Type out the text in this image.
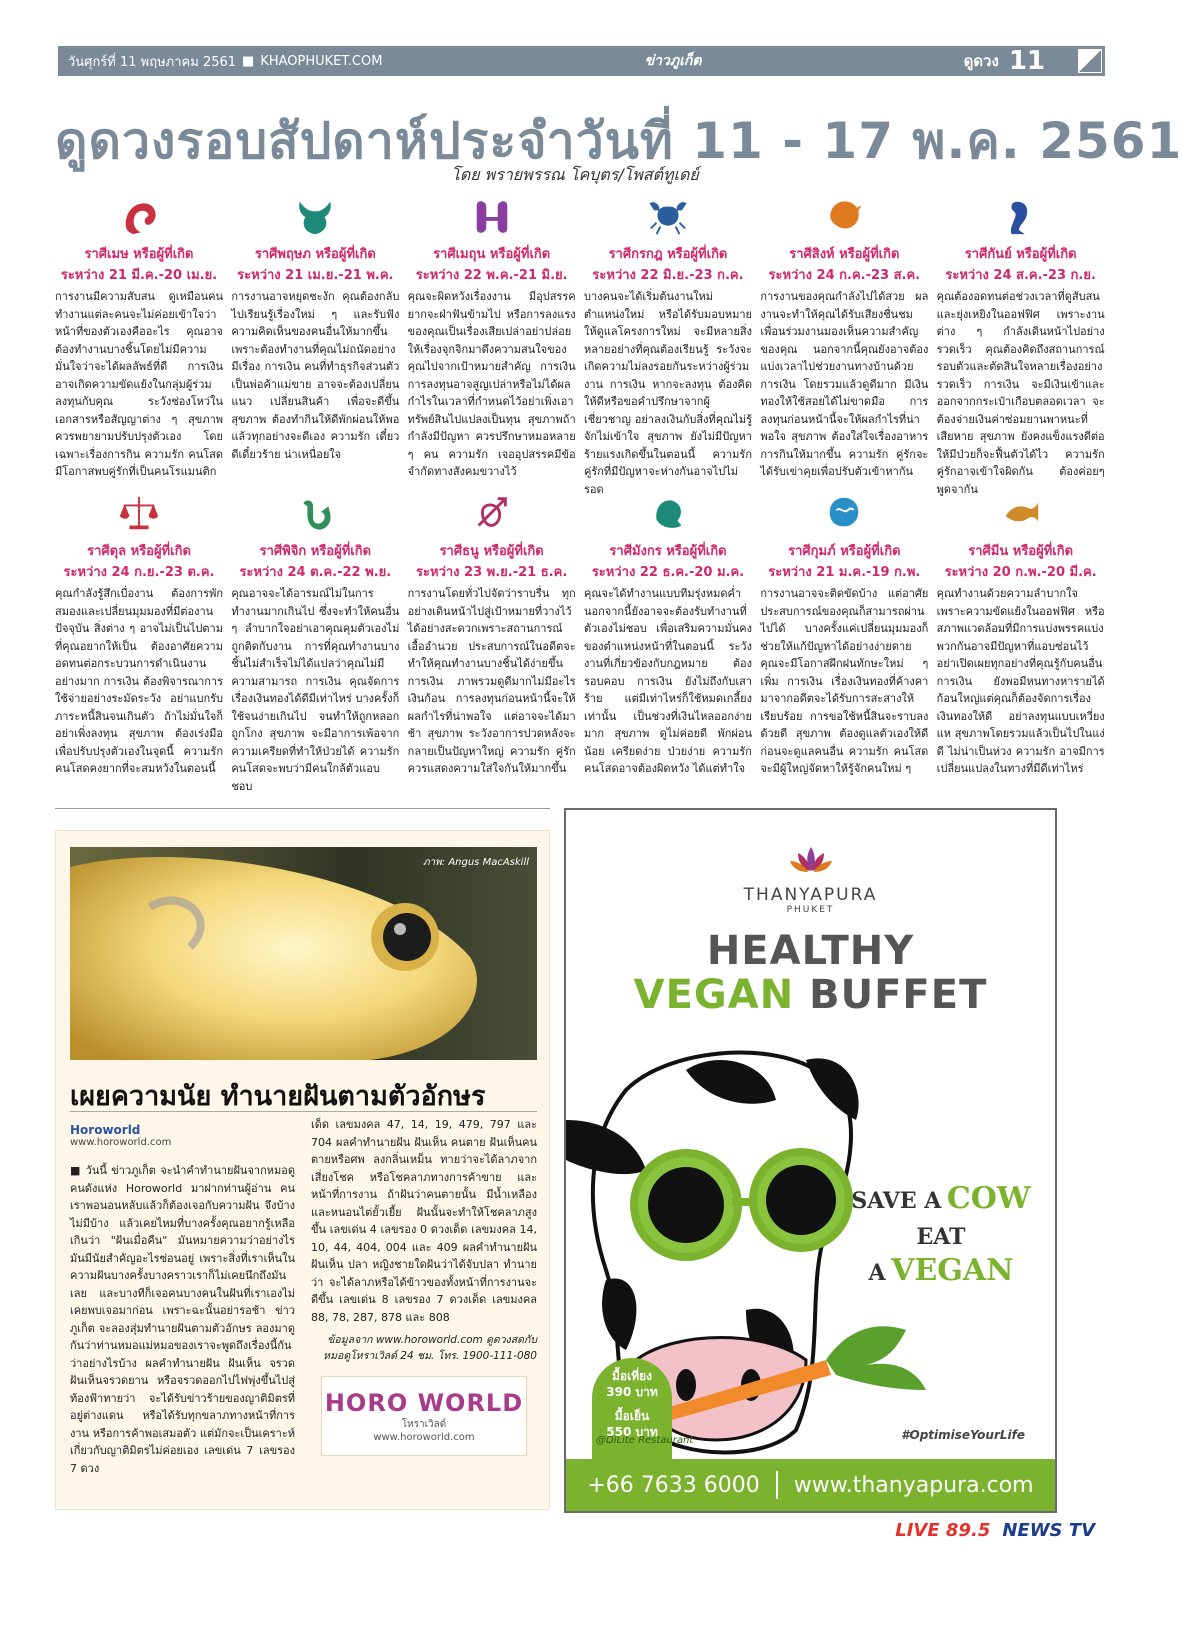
วันศุกร์ที่ 11 พฤษภาคม 2561 ■ KHAOPHUKET.COM	ข่าวภูเก็ต	ดูดวง 11
ดูดวงรอบสัปดาห์ประจำวันที่ 11 - 17 พ.ค. 2561
โดย พรายพรรณ โคบุตร/โพสต์ทูเดย์
ราศีเมษ หรือผู้ที่เกิด
ระหว่าง 21 มี.ค.-20 เม.ย.
การงานมีความสับสน ดูเหมือนคนทำงานแต่ละคนจะไม่ค่อยเข้าใจว่าหน้าที่ของตัวเองคืออะไร คุณอาจต้องทำงานบางชิ้นโดยไม่มีความมั่นใจว่าจะได้ผลลัพธ์ที่ดี การเงินอาจเกิดความขัดแย้งในกลุ่มผู้ร่วมลงทุนกับคุณ ระวังช่องโหว่ในเอกสารหรือสัญญาต่าง ๆ สุขภาพควรพยายามปรับปรุงตัวเอง โดยเฉพาะเรื่องการกิน ความรัก คนโสดมีโอกาสพบคู่รักที่เป็นคนโรแมนติก
ราศีพฤษภ หรือผู้ที่เกิด
ระหว่าง 21 เม.ย.-21 พ.ค.
การงานอาจหยุดชะงัก คุณต้องกลับไปเรียนรู้เรื่องใหม่ ๆ และรับฟังความคิดเห็นของคนอื่นให้มากขึ้น เพราะต้องทำงานที่คุณไม่ถนัดอย่างมีเรื่อง การเงิน คนที่ทำธุรกิจส่วนตัว เป็นพ่อค้าแม่ขาย อาจจะต้องเปลี่ยนแนว เปลี่ยนสินค้า เพื่อจะดีขึ้น สุขภาพ ต้องทำกินให้ดีพักผ่อนให้พอ แล้วทุกอย่างจะดีเอง ความรัก เดี๋ยวดีเดี๋ยวร้าย น่าเหนื่อยใจ
ราศีเมถุน หรือผู้ที่เกิด
ระหว่าง 22 พ.ค.-21 มิ.ย.
คุณจะผิดหวังเรื่องงาน มีอุปสรรคยากจะฝ่าฟันข้ามไป หรือการลงแรงของคุณเป็นเรื่องเสียเปล่าอย่าปล่อยให้เรื่องจุกจิกมาดึงความสนใจของคุณไปจากเป้าหมายสำคัญ การเงิน การลงทุนอาจสูญเปล่าหรือไม่ได้ผลกำไรในเวลาที่กำหนดไว้อย่าเพิ่งเอาทรัพย์สินไปแปลงเป็นทุน สุขภาพถ้ากำลังมีปัญหา ควรปรึกษาหมอหลาย ๆ คน ความรัก เจออุปสรรคมีข้อจำกัดทางสังคมขวางไว้
ราศีกรกฎ หรือผู้ที่เกิด
ระหว่าง 22 มิ.ย.-23 ก.ค.
บางคนจะได้เริ่มต้นงานใหม่ ตำแหน่งใหม่ หรือได้รับมอบหมายให้ดูแลโครงการใหม่ จะมีหลายสิ่งหลายอย่างที่คุณต้องเรียนรู้ ระวังจะเกิดความไม่ลงรอยกันระหว่างผู้ร่วมงาน การเงิน หากจะลงทุน ต้องคิดให้ดีหรือขอคำปรึกษาจากผู้เชี่ยวชาญ อย่าลงเงินกับสิ่งที่คุณไม่รู้จักไม่เข้าใจ สุขภาพ ยังไม่มีปัญหาร้ายแรงเกิดขึ้นในตอนนี้ ความรัก คู่รักที่มีปัญหาจะห่างกันอาจไปไม่รอด
ราศีสิงห์ หรือผู้ที่เกิด
ระหว่าง 24 ก.ค.-23 ส.ค.
การงานของคุณกำลังไปได้สวย ผลงานจะทำให้คุณได้รับเสียงชื่นชมเพื่อนร่วมงานมองเห็นความสำคัญของคุณ นอกจากนี้คุณยังอาจต้องแบ่งเวลาไปช่วยงานทางบ้านด้วย การเงิน โดยรวมแล้วดูดีมาก มีเงินทองให้ใช้สอยได้ไม่ขาดมือ การลงทุนก่อนหน้านี้จะให้ผลกำไรที่น่าพอใจ สุขภาพ ต้องใส่ใจเรื่องอาหารการกินให้มากขึ้น ความรัก คู่รักจะได้รับเข่าคุยเพื่อปรับตัวเข้าหากัน
ราศีกันย์ หรือผู้ที่เกิด
ระหว่าง 24 ส.ค.-23 ก.ย.
คุณต้องอดทนต่อช่วงเวลาที่ดูสับสนและยุ่งเหยิงในออฟฟิศ เพราะงานต่าง ๆ กำลังเดินหน้าไปอย่างรวดเร็ว คุณต้องคิดถึงสถานการณ์รอบตัวและตัดสินใจหลายเรื่องอย่างรวดเร็ว การเงิน จะมีเงินเข้าและออกจากกระเป๋าเกือบตลอดเวลา จะต้องจ่ายเงินค่าซ่อมยานพาหนะที่เสียหาย สุขภาพ ยังคงแข็งแรงดีต่อให้มีป่วยก็จะฟื้นตัวได้ไว ความรัก คู่รักอาจเข้าใจผิดกัน ต้องค่อยๆ พูดจากัน
ราศีตุล หรือผู้ที่เกิด
ระหว่าง 24 ก.ย.-23 ต.ค.
คุณกำลังรู้สึกเบื่องาน ต้องการพักสมองและเปลี่ยนมุมมองที่มีต่องานปัจจุบัน สิ่งต่าง ๆ อาจไม่เป็นไปตามที่คุณอยากให้เป็น ต้องอาศัยความอดทนต่อกระบวนการดำเนินงานอย่างมาก การเงิน ต้องพิจารณาการใช้จ่ายอย่างระมัดระวัง อย่าแบกรับภาระหนี้สินจนเกินตัว ถ้าไม่มั่นใจก็อย่าเพิ่งลงทุน สุขภาพ ต้องเร่งมือเพื่อปรับปรุงตัวเองในจุดนี้ ความรัก คนโสดคงยากที่จะสมหวังในตอนนี้
ราศีพิจิก หรือผู้ที่เกิด
ระหว่าง 24 ต.ค.-22 พ.ย.
คุณอาจจะได้อารมณ์ไม่ในการทำงานมากเกินไป ซึ่งจะทำให้คนอื่น ๆ ลำบากใจอย่าเอาคุณคุมตัวเองไม่ถูกติดกับงาน การที่คุณทำงานบางชิ้นไม่สำเร็จไม่ได้แปลว่าคุณไม่มีความสามารถ การเงิน คุณจัดการเรื่องเงินทองได้ดีมีเท่าไหร่ บางครั้งก็ใช้จนง่ายเกินไป จนทำให้ถูกหลอก ถูกโกง สุขภาพ จะมีอาการเพ้อจากความเครียดที่ทำให้ป่วยได้ ความรัก คนโสดจะพบว่ามีคนใกล้ตัวแอบชอบ
ราศีธนู หรือผู้ที่เกิด
ระหว่าง 23 พ.ย.-21 ธ.ค.
การงานโดยทั่วไปจัดว่าราบรื่น ทุกอย่างเดินหน้าไปสู่เป้าหมายที่วางไว้ได้อย่างสะดวกเพราะสถานการณ์เอื้ออำนวย ประสบการณ์ในอดีตจะทำให้คุณทำงานบางชิ้นได้ง่ายขึ้น การเงิน ภาพรวมดูดีมากไม่มีอะไรเงินก้อน การลงทุนก่อนหน้านี้จะให้ผลกำไรที่น่าพอใจ แต่อาจจะได้มาช้า สุขภาพ ระวังอาการปวดหลังจะกลายเป็นปัญหาใหญ่ ความรัก คู่รักควรแสดงความใส่ใจกันให้มากขึ้น
ราศีมังกร หรือผู้ที่เกิด
ระหว่าง 22 ธ.ค.-20 ม.ค.
คุณจะได้ทำงานแบบทีมรุ่งหมดค่ำนอกจากนี้ยังอาจจะต้องรับทำงานที่ตัวเองไม่ชอบ เพื่อเสริมความมั่นคงของตำแหน่งหน้าที่ในตอนนี้ ระวังงานที่เกี่ยวข้องกับกฎหมาย ต้องรอบคอบ การเงิน ยังไม่ถึงกับเสาร้าย แต่มีเท่าไหร่ก็ใช้หมดเกลี้ยงเท่านั้น เป็นช่วงที่เงินไหลออกง่ายมาก สุขภาพ ดูไม่ค่อยดี พักผ่อนน้อย เครียดง่าย ป่วยง่าย ความรัก คนโสดอาจต้องผิดหวัง ได้แต่ทำใจ
ราศีกุมภ์ หรือผู้ที่เกิด
ระหว่าง 21 ม.ค.-19 ก.พ.
การงานอาจจะติดขัดบ้าง แต่อาศัยประสบการณ์ของคุณก็สามารถผ่านไปได้ บางครั้งแค่เปลี่ยนมุมมองก็ช่วยให้แก้ปัญหาได้อย่างง่ายดาย คุณจะมีโอกาสฝึกฝนทักษะใหม่ ๆ เพิ่ม การเงิน เรื่องเงินทองที่ค้างคามาจากอดีตจะได้รับการสะสางให้เรียบร้อย การขอใช้หนี้สินจะราบลงด้วยดี สุขภาพ ต้องดูแลตัวเองให้ดีก่อนจะดูแลคนอื่น ความรัก คนโสดจะมีผู้ใหญ่จัดหาให้รู้จักคนใหม่ ๆ
ราศีมีน หรือผู้ที่เกิด
ระหว่าง 20 ก.พ.-20 มี.ค.
คุณทำงานด้วยความลำบากใจเพราะความขัดแย้งในออฟฟิศ หรือสภาพแวดล้อมที่มีการแบ่งพรรคแบ่งพวกกันอาจมีปัญหาที่แอบซ่อนไว้อย่าเปิดเผยทุกอย่างที่คุณรู้กับคนอื่น การเงิน ยังพอมีหนทางหารายได้ก้อนใหญ่แต่คุณก็ต้องจัดการเรื่องเงินทองให้ดี อย่าลงทุนแบบเหวี่ยงแห สุขภาพโดยรวมแล้วเป็นไปในแง่ดี ไม่น่าเป็นห่วง ความรัก อาจมีการเปลี่ยนแปลงในทางที่มีดีเท่าไหร่
ภาพ: Angus MacAskill
เผยความนัย ทำนายฝันตามตัวอักษร
Horoworld
www.horoworld.com
■ วันนี้ ข่าวภูเก็ต จะนำคำทำนายฝันจากหมอดูคนดังแห่ง Horoworld มาฝากท่านผู้อ่าน คนเราพอนอนหลับแล้วก็ต้องเจอกับความฝัน จึงบ้างไม่มีบ้าง แล้วเคยไหมที่บางครั้งคุณอยากรู้เหลือเกินว่า "ฝันเมื่อคืน" มันหมายความว่าอย่างไร มันมีนัยสำคัญอะไรซ่อนอยู่ เพราะสิ่งที่เราเห็นในความฝันบางครั้งบางคราวเราก็ไม่เคยนึกถึงมันเลย และบางทีก็เจอคนบางคนในฝันที่เราเองไม่เคยพบเจอมาก่อน เพราะฉะนั้นอย่ารอช้า ข่าวภูเก็ต จะลองสุ่มทำนายฝันตามตัวอักษร ลองมาดูกันว่าท่านหมอแม่หมอของเราจะพูดถึงเรื่องนี้กันว่าอย่างไรบ้าง ผลคำทำนายฝัน ฝันเห็น จรวด ฝันเห็นจรวดยาน หรือจรวดออกไปไฟพุ่งขึ้นไปสู่ท้องฟ้าทายว่า จะได้รับข่าวร้ายของญาติมิตรที่อยู่ต่างแดน หรือได้รับทุกขลาภทางหน้าที่การงาน หรือการค้าพอเสมอตัว แต่มักจะเป็นเคราะห์ เกี่ยวกับญาติมิตรไม่ค่อยเอง เลขเด่น 7 เลขรอง 7 ดวง
เด็ด เลขมงคล 47, 14, 19, 479, 797 และ 704 ผลคำทำนายฝัน ฝันเห็น คนตาย ฝันเห็นคนตายหรือศพ ลงกลิ่นเหม็น ทายว่าจะได้ลาภจากเสี่ยงโชค หรือโชคลาภทางการค้าขาย และหน้าที่การงาน ถ้าฝันว่าคนตายนั้น มีน้ำเหลืองและหนอนไต่ยั้วเยี้ย ฝันนั้นจะทำให้โชคลาภสูงขึ้น เลขเด่น 4 เลขรอง 0 ดวงเด็ด เลขมงคล 14, 10, 44, 404, 004 และ 409 ผลคำทำนายฝัน ฝันเห็น ปลา หญิงชายใดฝันว่าได้จับปลา ทำนายว่า จะได้ลาภหรือได้ข้าวของทั้งหน้าที่การงานจะดีขึ้น เลขเด่น 8 เลขรอง 7 ดวงเด็ด เลขมงคล 88, 78, 287, 878 และ 808
ข้อมูลจาก www.horoworld.com ดูดวงสดกับหมอดูโหราเวิลด์ 24 ชม. โทร. 1900-111-080
HORO WORLD
โหราเวิลด์
www.horoworld.com
THANYAPURA
PHUKET
HEALTHY
VEGAN BUFFET
SAVE A COW
EAT
A VEGAN
มื้อเที่ยง
390 บาท
มื้อเย็น
550 บาท	#OptimiseYourLife
+66 7633 6000 www.thanyapura.com
@DiLite Restaurant
LIVE 89.5 NEWS TV
